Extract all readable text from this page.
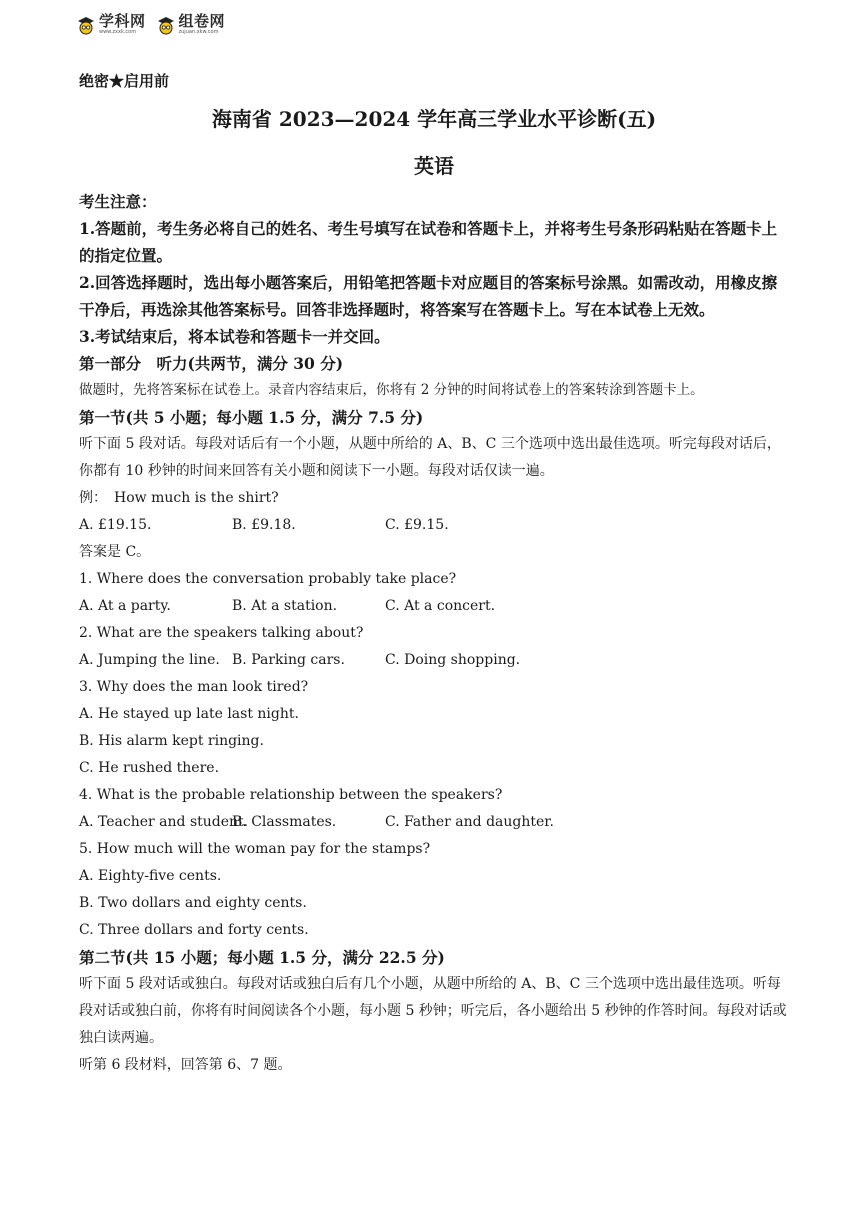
学科网
www.zxxk.com
组卷网
zujuan.xkw.com
绝密★启用前
海南省 2023—2024 学年高三学业水平诊断(五)
英语

考生注意：

1.答题前，考生务必将自己的姓名、考生号填写在试卷和答题卡上，并将考生号条形码粘贴在答题卡上的指定位置。

2.回答选择题时，选出每小题答案后，用铅笔把答题卡对应题目的答案标号涂黑。如需改动，用橡皮擦干净后，再选涂其他答案标号。回答非选择题时，将答案写在答题卡上。写在本试卷上无效。

3.考试结束后，将本试卷和答题卡一并交回。

第一部分　听力(共两节，满分 30 分)

做题时，先将答案标在试卷上。录音内容结束后，你将有 2 分钟的时间将试卷上的答案转涂到答题卡上。

第一节(共 5 小题；每小题 1.5 分，满分 7.5 分)

听下面 5 段对话。每段对话后有一个小题，从题中所给的 A、B、C 三个选项中选出最佳选项。听完每段对话后，你都有 10 秒钟的时间来回答有关小题和阅读下一小题。每段对话仅读一遍。

例：　How much is the shirt?

A. £19.15.	B. £9.18.	C. £9.15.

答案是 C。

1. Where does the conversation probably take place?

A. At a party.	B. At a station.	C. At a concert.

2. What are the speakers talking about?

A. Jumping the line. B. Parking cars.	C. Doing shopping.

3. Why does the man look tired?

A. He stayed up late last night.

B. His alarm kept ringing.

C. He rushed there.

4. What is the probable relationship between the speakers?

A. Teacher and student.
B. Classmates.	C. Father and daughter.

5. How much will the woman pay for the stamps?

A. Eighty-five cents.

B. Two dollars and eighty cents.

C. Three dollars and forty cents.

第二节(共 15 小题；每小题 1.5 分，满分 22.5 分)

听下面 5 段对话或独白。每段对话或独白后有几个小题，从题中所给的 A、B、C 三个选项中选出最佳选项。听每段对话或独白前，你将有时间阅读各个小题，每小题 5 秒钟；听完后，各小题给出 5 秒钟的作答时间。每段对话或独白读两遍。

听第 6 段材料，回答第 6、7 题。
